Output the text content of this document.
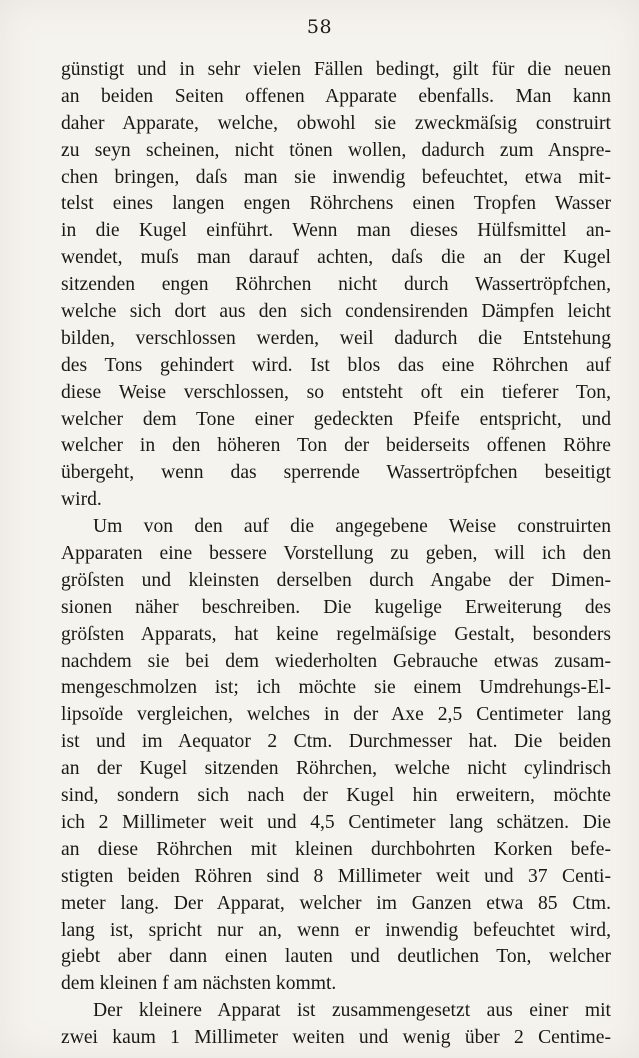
58
günstigt und in sehr vielen Fällen bedingt, gilt für die neuen
an beiden Seiten offenen Apparate ebenfalls. Man kann
daher Apparate, welche, obwohl sie zweckmäſsig construirt
zu seyn scheinen, nicht tönen wollen, dadurch zum Anspre-
chen bringen, daſs man sie inwendig befeuchtet, etwa mit-
telst eines langen engen Röhrchens einen Tropfen Wasser
in die Kugel einführt. Wenn man dieses Hülfsmittel an-
wendet, muſs man darauf achten, daſs die an der Kugel
sitzenden engen Röhrchen nicht durch Wassertröpfchen,
welche sich dort aus den sich condensirenden Dämpfen leicht
bilden, verschlossen werden, weil dadurch die Entstehung
des Tons gehindert wird. Ist blos das eine Röhrchen auf
diese Weise verschlossen, so entsteht oft ein tieferer Ton,
welcher dem Tone einer gedeckten Pfeife entspricht, und
welcher in den höheren Ton der beiderseits offenen Röhre
übergeht, wenn das sperrende Wassertröpfchen beseitigt
wird.
Um von den auf die angegebene Weise construirten
Apparaten eine bessere Vorstellung zu geben, will ich den
gröſsten und kleinsten derselben durch Angabe der Dimen-
sionen näher beschreiben. Die kugelige Erweiterung des
gröſsten Apparats, hat keine regelmäſsige Gestalt, besonders
nachdem sie bei dem wiederholten Gebrauche etwas zusam-
mengeschmolzen ist; ich möchte sie einem Umdrehungs-El-
lipsoïde vergleichen, welches in der Axe 2,5 Centimeter lang
ist und im Aequator 2 Ctm. Durchmesser hat. Die beiden
an der Kugel sitzenden Röhrchen, welche nicht cylindrisch
sind, sondern sich nach der Kugel hin erweitern, möchte
ich 2 Millimeter weit und 4,5 Centimeter lang schätzen. Die
an diese Röhrchen mit kleinen durchbohrten Korken befe-
stigten beiden Röhren sind 8 Millimeter weit und 37 Centi-
meter lang. Der Apparat, welcher im Ganzen etwa 85 Ctm.
lang ist, spricht nur an, wenn er inwendig befeuchtet wird,
giebt aber dann einen lauten und deutlichen Ton, welcher
dem kleinen f am nächsten kommt.
Der kleinere Apparat ist zusammengesetzt aus einer mit
zwei kaum 1 Millimeter weiten und wenig über 2 Centime-
